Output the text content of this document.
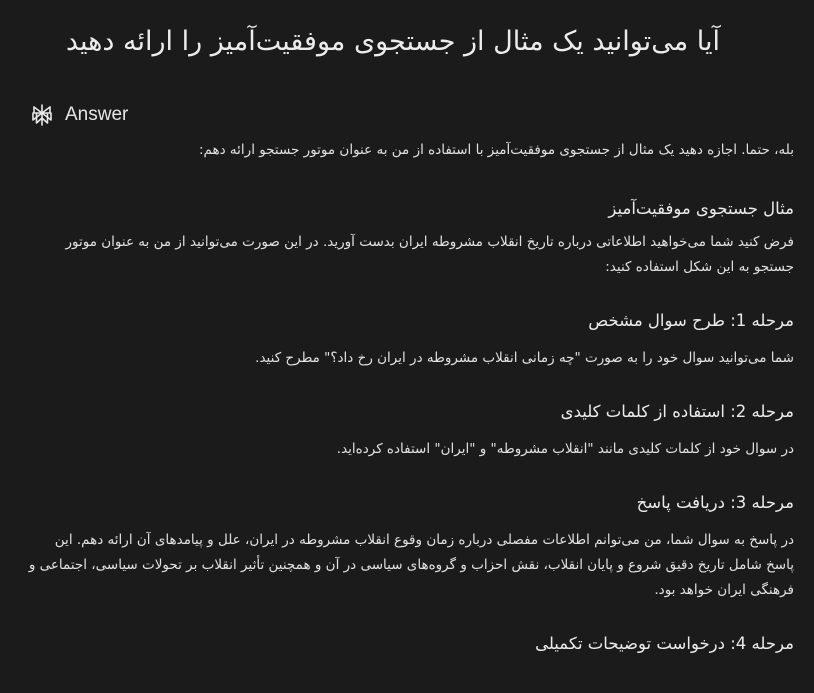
آیا می‌توانید یک مثال از جستجوی موفقیت‌آمیز را ارائه دهید
Answer

بله، حتما. اجازه دهید یک مثال از جستجوی موفقیت‌آمیز با استفاده از من به عنوان موتور جستجو ارائه دهم:

مثال جستجوی موفقیت‌آمیز

فرض کنید شما می‌خواهید اطلاعاتی درباره تاریخ انقلاب مشروطه ایران بدست آورید. در این صورت می‌توانید از من به عنوان موتور جستجو به این شکل استفاده کنید:

مرحله 1: طرح سوال مشخص

شما می‌توانید سوال خود را به صورت "چه زمانی انقلاب مشروطه در ایران رخ داد؟" مطرح کنید.

مرحله 2: استفاده از کلمات کلیدی

در سوال خود از کلمات کلیدی مانند "انقلاب مشروطه" و "ایران" استفاده کرده‌اید.

مرحله 3: دریافت پاسخ

در پاسخ به سوال شما، من می‌توانم اطلاعات مفصلی درباره زمان وقوع انقلاب مشروطه در ایران، علل و پیامدهای آن ارائه دهم. این پاسخ شامل تاریخ دقیق شروع و پایان انقلاب، نقش احزاب و گروه‌های سیاسی در آن و همچنین تأثیر انقلاب بر تحولات سیاسی، اجتماعی و فرهنگی ایران خواهد بود.

مرحله 4: درخواست توضیحات تکمیلی
